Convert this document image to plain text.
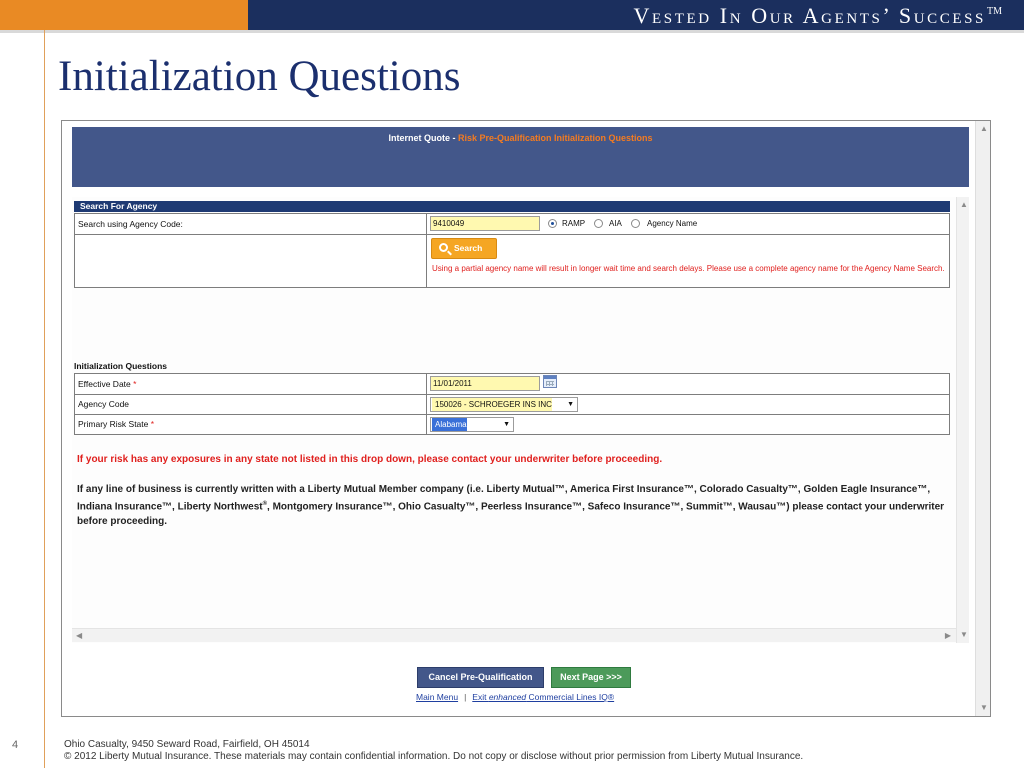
Vested In Our Agents’ Success™
Initialization Questions
▲
▼
Internet Quote - Risk Pre-Qualification Initialization Questions
Search For Agency
Search using Agency Code:	9410049	RAMP	AIA	Agency Name
Search
Using a partial agency name will result in longer wait time and search delays. Please use a complete agency name for the Agency Name Search.
Initialization Questions
Effective Date *	11/01/2011
Agency Code	150026 - SCHROEGER INS INC ▼
Primary Risk State *	Alabama	▼
If your risk has any exposures in any state not listed in this drop down, please contact your underwriter before proceeding.
If any line of business is currently written with a Liberty Mutual Member company (i.e. Liberty Mutual™, America First Insurance™, Colorado Casualty™, Golden Eagle Insurance™, Indiana Insurance™, Liberty Northwest®, Montgomery Insurance™, Ohio Casualty™, Peerless Insurance™, Safeco Insurance™, Summit™, Wausau™) please contact your underwriter before proceeding.
▲
▼
◀	▶
Cancel Pre-Qualification	Next Page >>>
Main Menu | Exit enhanced Commercial Lines IQ®
4	Ohio Casualty, 9450 Seward Road, Fairfield, OH 45014
© 2012 Liberty Mutual Insurance. These materials may contain confidential information. Do not copy or disclose without prior permission from Liberty Mutual Insurance.
